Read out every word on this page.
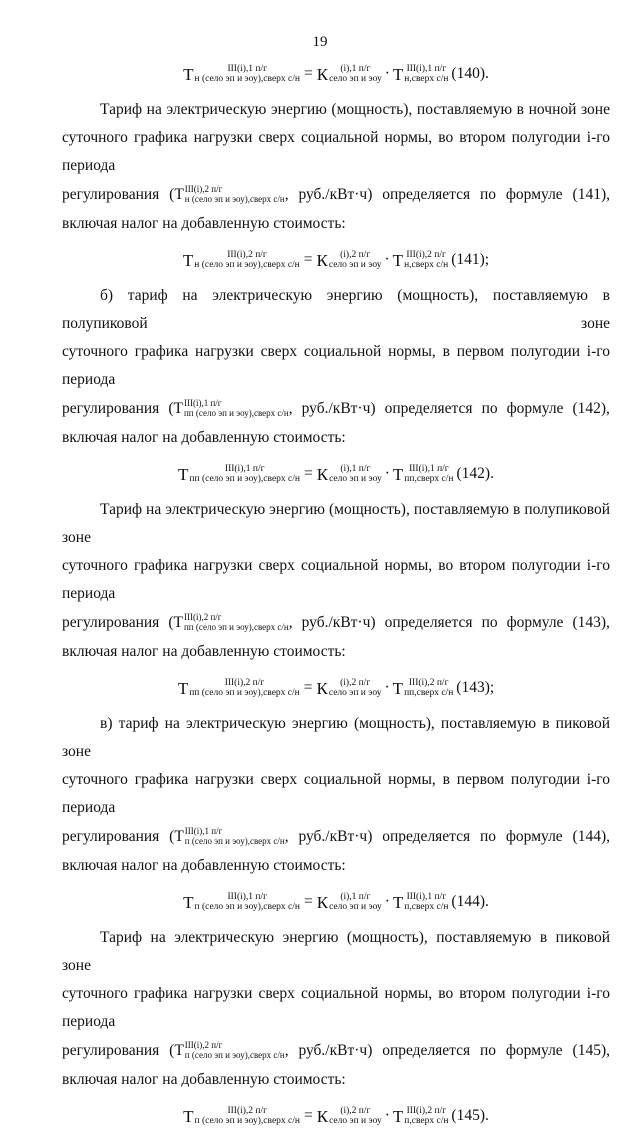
19
Т	III(i),1 п/г
н (село эп и эоу),сверх с/н = К	(i),1 п/г
село эп и эоу · Т III(i),1 п/г
н,сверх с/н (140).

Тариф на электрическую энергию (мощность), поставляемую в ночной зоне

суточного графика нагрузки сверх социальной нормы, во втором полугодии i-го периода

регулирования ( Т III(i),2 п/г
н (село эп и эоу),сверх с/н , руб./кВт·ч) определяется по формуле (141),

включая налог на добавленную стоимость:

Т	III(i),2 п/г
н (село эп и эоу),сверх с/н = К	(i),2 п/г
село эп и эоу · Т III(i),2 п/г
н,сверх с/н (141);

б) тариф на электрическую энергию (мощность), поставляемую в полупиковой зоне

суточного графика нагрузки сверх социальной нормы, в первом полугодии i-го периода

регулирования ( Т III(i),1 п/г
пп (село эп и эоу),сверх с/н , руб./кВт·ч) определяется по формуле (142),

включая налог на добавленную стоимость:

Т	III(i),1 п/г
пп (село эп и эоу),сверх с/н = К	(i),1 п/г
село эп и эоу · Т III(i),1 п/г
пп,сверх с/н (142).

Тариф на электрическую энергию (мощность), поставляемую в полупиковой зоне

суточного графика нагрузки сверх социальной нормы, во втором полугодии i-го периода

регулирования ( Т III(i),2 п/г
пп (село эп и эоу),сверх с/н , руб./кВт·ч) определяется по формуле (143),

включая налог на добавленную стоимость:

Т	III(i),2 п/г
пп (село эп и эоу),сверх с/н = К	(i),2 п/г
село эп и эоу · Т III(i),2 п/г
пп,сверх с/н (143);

в) тариф на электрическую энергию (мощность), поставляемую в пиковой зоне

суточного графика нагрузки сверх социальной нормы, в первом полугодии i-го периода

регулирования ( Т III(i),1 п/г
п (село эп и эоу),сверх с/н , руб./кВт·ч) определяется по формуле (144),

включая налог на добавленную стоимость:

Т	III(i),1 п/г
п (село эп и эоу),сверх с/н = К	(i),1 п/г
село эп и эоу · Т III(i),1 п/г
п,сверх с/н (144).

Тариф на электрическую энергию (мощность), поставляемую в пиковой зоне

суточного графика нагрузки сверх социальной нормы, во втором полугодии i-го периода

регулирования ( Т III(i),2 п/г
п (село эп и эоу),сверх с/н , руб./кВт·ч) определяется по формуле (145),

включая налог на добавленную стоимость:

Т	III(i),2 п/г
п (село эп и эоу),сверх с/н = К	(i),2 п/г
село эп и эоу · Т III(i),2 п/г
п,сверх с/н (145).
